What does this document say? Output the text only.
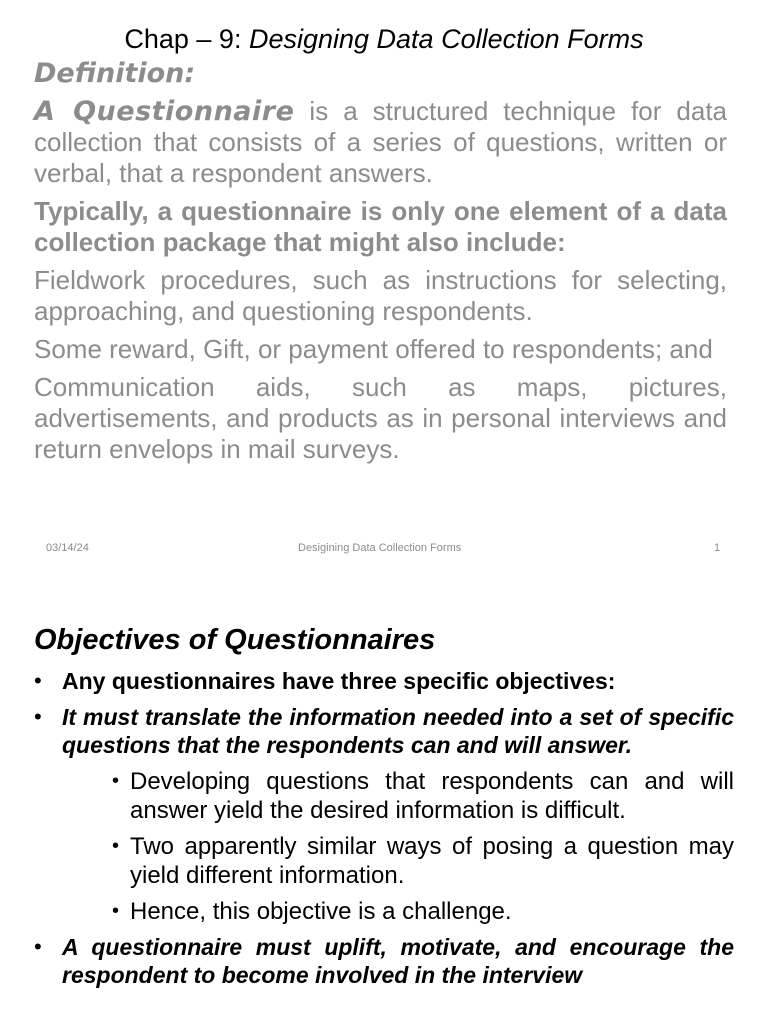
Chap – 9: Designing Data Collection Forms
Definition:

A Questionnaire is a structured technique for data collection that consists of a series of questions, written or verbal, that a respondent answers.

Typically, a questionnaire is only one element of a data collection package that might also include:

Fieldwork procedures, such as instructions for selecting, approaching, and questioning respondents.

Some reward, Gift, or payment offered to respondents; and

Communication aids, such as maps, pictures, advertisements, and products as in personal interviews and return envelops in mail surveys.

03/14/24	Desigining Data Collection Forms	1
Objectives of Questionnaires
• Any questionnaires have three specific objectives:
• It must translate the information needed into a set of specific questions that the respondents can and will answer.
• Developing questions that respondents can and will answer yield the desired information is difficult.
• Two apparently similar ways of posing a question may yield different information.
• Hence, this objective is a challenge.
• A questionnaire must uplift, motivate, and encourage the respondent to become involved in the interview
